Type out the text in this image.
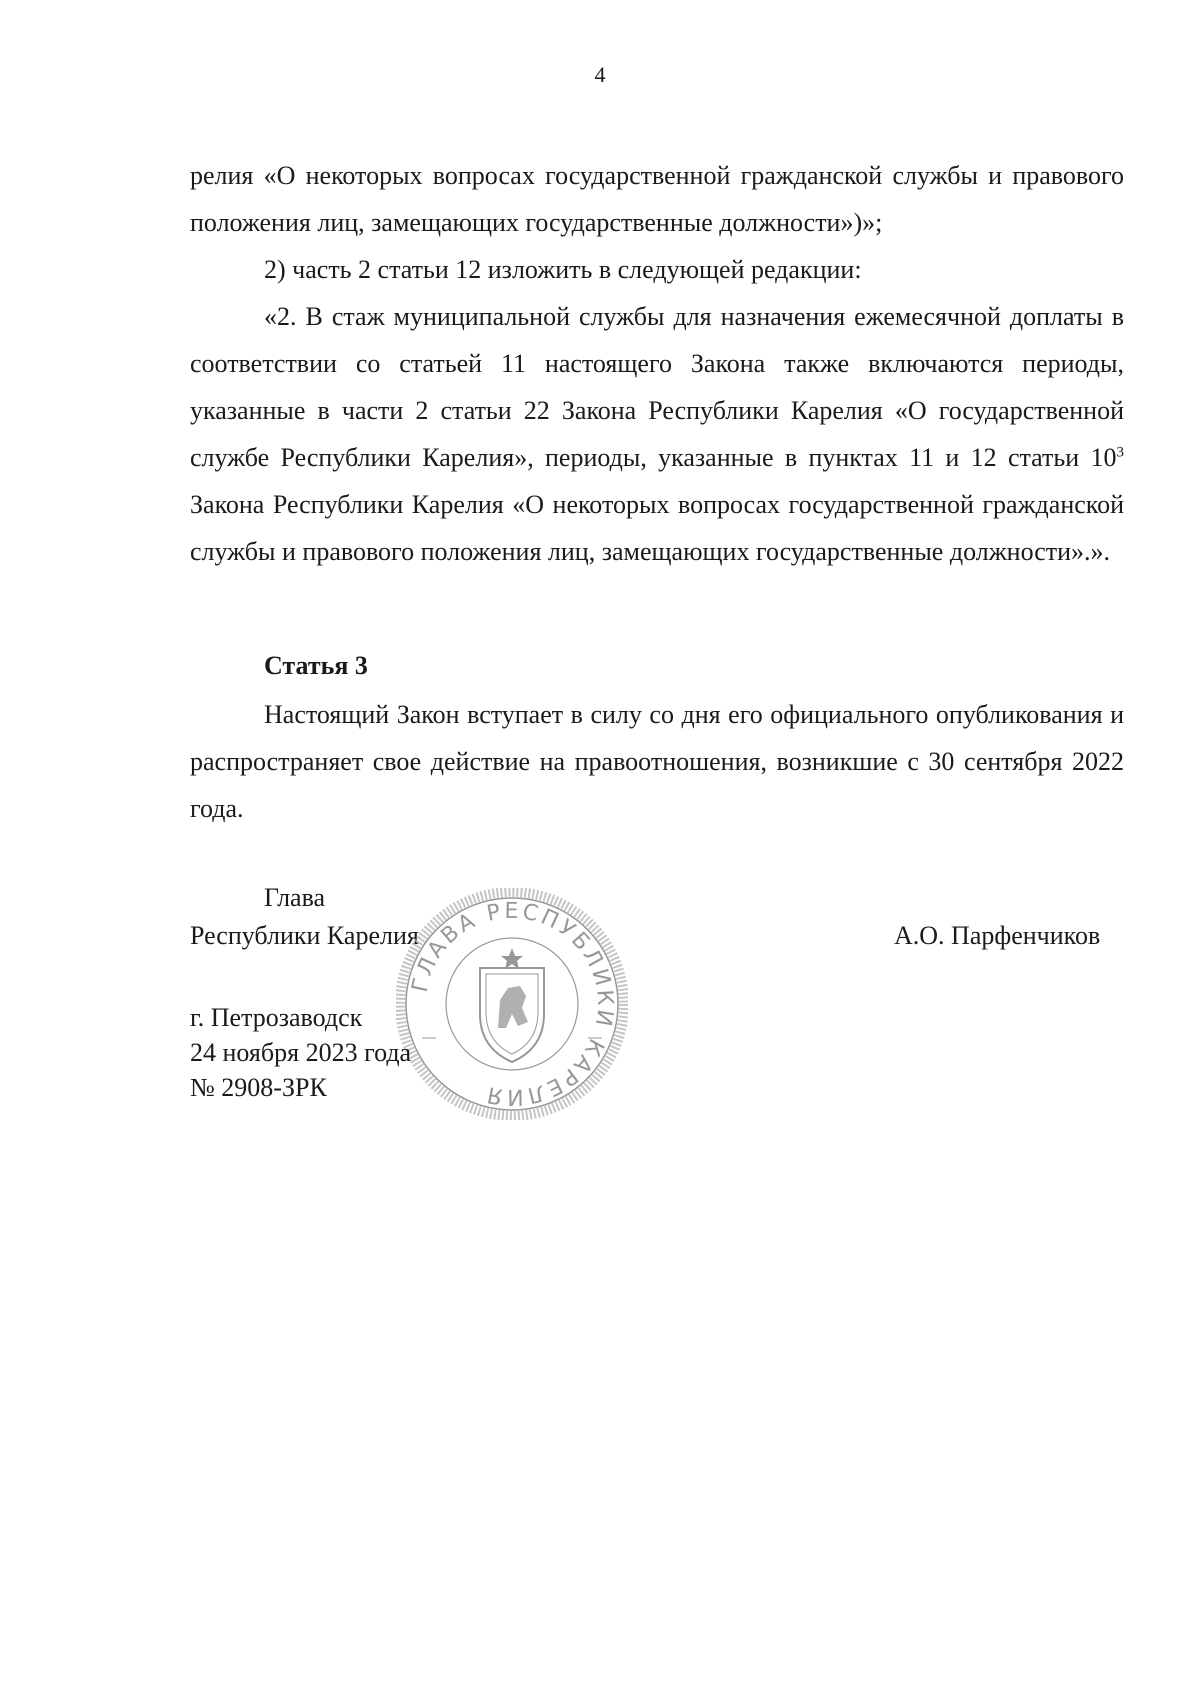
4

релия «О некоторых вопросах государственной гражданской службы и правового положения лиц, замещающих государственные должности»)»;

2) часть 2 статьи 12 изложить в следующей редакции:

«2. В стаж муниципальной службы для назначения ежемесячной доплаты в соответствии со статьей 11 настоящего Закона также включаются периоды, указанные в части 2 статьи 22 Закона Республики Карелия «О государственной службе Республики Карелия», периоды, указанные в пунктах 11 и 12 статьи $10^3$ Закона Республики Карелия «О некоторых вопросах государственной гражданской службы и правового положения лиц, замещающих государственные должности».».

Статья 3

Настоящий Закон вступает в силу со дня его официального опубликования и распространяет свое действие на правоотношения, возникшие с 30 сентября 2022 года.

Глава
Республики Карелия	А.О. Парфенчиков
ГЛАВА РЕСПУБЛИКИ КАРЕЛИЯ
г. Петрозаводск
24 ноября 2023 года
№ 2908-ЗРК
